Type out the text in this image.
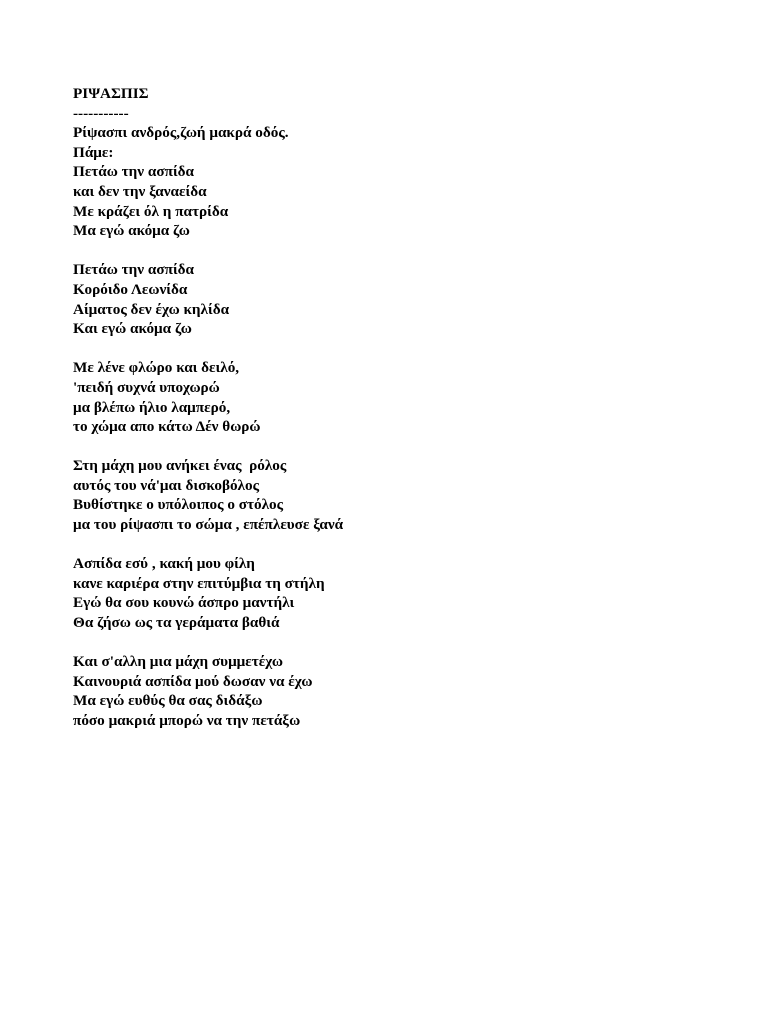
ΡΙΨΑΣΠΙΣ
-----------
Ρίψασπι ανδρός,ζωή μακρά οδός.
Πάμε:
Πετάω την ασπίδα
και δεν την ξαναείδα
Με κράζει όλ η πατρίδα
Μα εγώ ακόμα ζω
Πετάω την ασπίδα
Κορόιδο Λεωνίδα
Αίματος δεν έχω κηλίδα
Και εγώ ακόμα ζω
Με λένε φλώρο και δειλό,
'πειδή συχνά υποχωρώ
μα βλέπω ήλιο λαμπερό,
το χώμα απο κάτω Δέν θωρώ
Στη μάχη μου ανήκει ένας  ρόλος
αυτός του νά'μαι δισκοβόλος
Βυθίστηκε ο υπόλοιπος ο στόλος
μα του ρίψασπι το σώμα , επέπλευσε ξανά
Ασπίδα εσύ , κακή μου φίλη
κανε καριέρα στην επιτύμβια τη στήλη
Εγώ θα σου κουνώ άσπρο μαντήλι
Θα ζήσω ως τα γεράματα βαθιά
Και σ'αλλη μια μάχη συμμετέχω
Καινουριά ασπίδα μού δωσαν να έχω
Μα εγώ ευθύς θα σας διδάξω
πόσο μακριά μπορώ να την πετάξω
